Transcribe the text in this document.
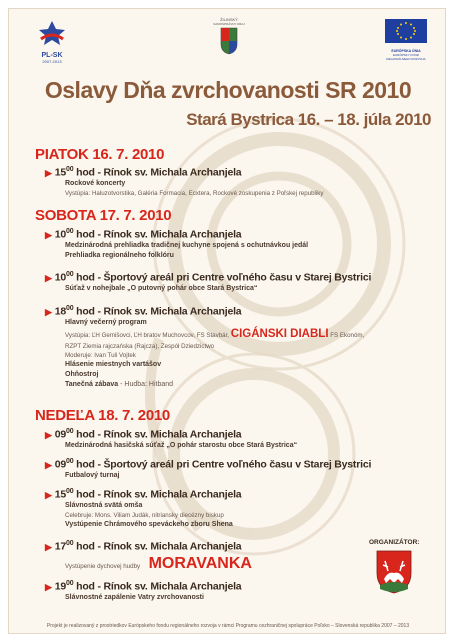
PL-SK
2007-2013
ŽILINSKÝ
SAMOSPRÁVNY KRAJ
EURÓPSKA ÚNIA
EURÓPSKY FOND
REGIONÁLNEHO ROZVOJA
Oslavy Dňa zvrchovanosti SR 2010
Stará Bystrica 16. – 18. júla 2010
PIATOK 16. 7. 2010
▶ $15^{00}$ hod - Rínok sv. Michala Archanjela
Rockové koncerty
Vystúpia: Haluzotvorstika, Galéria Formacia, Ecxtera, Rockové zoskupenia z Poľskej republiky
SOBOTA 17. 7. 2010
▶ $10^{00}$ hod - Rínok sv. Michala Archanjela
Medzinárodná prehliadka tradičnej kuchyne spojená s ochutnávkou jedál
Prehliadka regionálneho folklóru
▶ $10^{00}$ hod - Športový areál pri Centre voľného času v Starej Bystrici
Súťaž v nohejbale „O putovný pohár obce Stará Bystrica“
▶ $18^{00}$ hod - Rínok sv. Michala Archanjela
Hlavný večerný program
Vystúpia: ĽH Gemišovci, ĽH bratov Muchovcov, FS Stavbár, CIGÁNSKI DIABLI FS Ekonóm,
RZPT Ziemia rajczańska (Rajcza), Zespół Dziedzictwo
Moderuje: Ivan Tuli Vojtek
Hlásenie miestnych vartášov
Ohňostroj
Tanečná zábava - Hudba: Hitband
NEDEĽA 18. 7. 2010
▶ $09^{00}$ hod - Rínok sv. Michala Archanjela
Medzinárodná hasičská súťaž „O pohár starostu obce Stará Bystrica“
▶ $09^{00}$ hod - Športový areál pri Centre voľného času v Starej Bystrici
Futbalový turnaj
▶ $15^{00}$ hod - Rínok sv. Michala Archanjela
Slávnostná svätá omša
Celebruje: Mons. Viliam Judák, nitriansky diecézny biskup
Vystúpenie Chrámového speváckeho zboru Shena
▶ $17^{00}$ hod - Rínok sv. Michala Archanjela
Vystúpenie dychovej hudby MORAVANKA
▶ $19^{00}$ hod - Rínok sv. Michala Archanjela
Slávnostné zapálenie Vatry zvrchovanosti
ORGANIZÁTOR:
Projekt je realizovaný z prostriedkov Európskeho fondu regionálneho rozvoja v rámci Programu cezhraničnej spolupráce Poľsko – Slovenská republika 2007 – 2013
